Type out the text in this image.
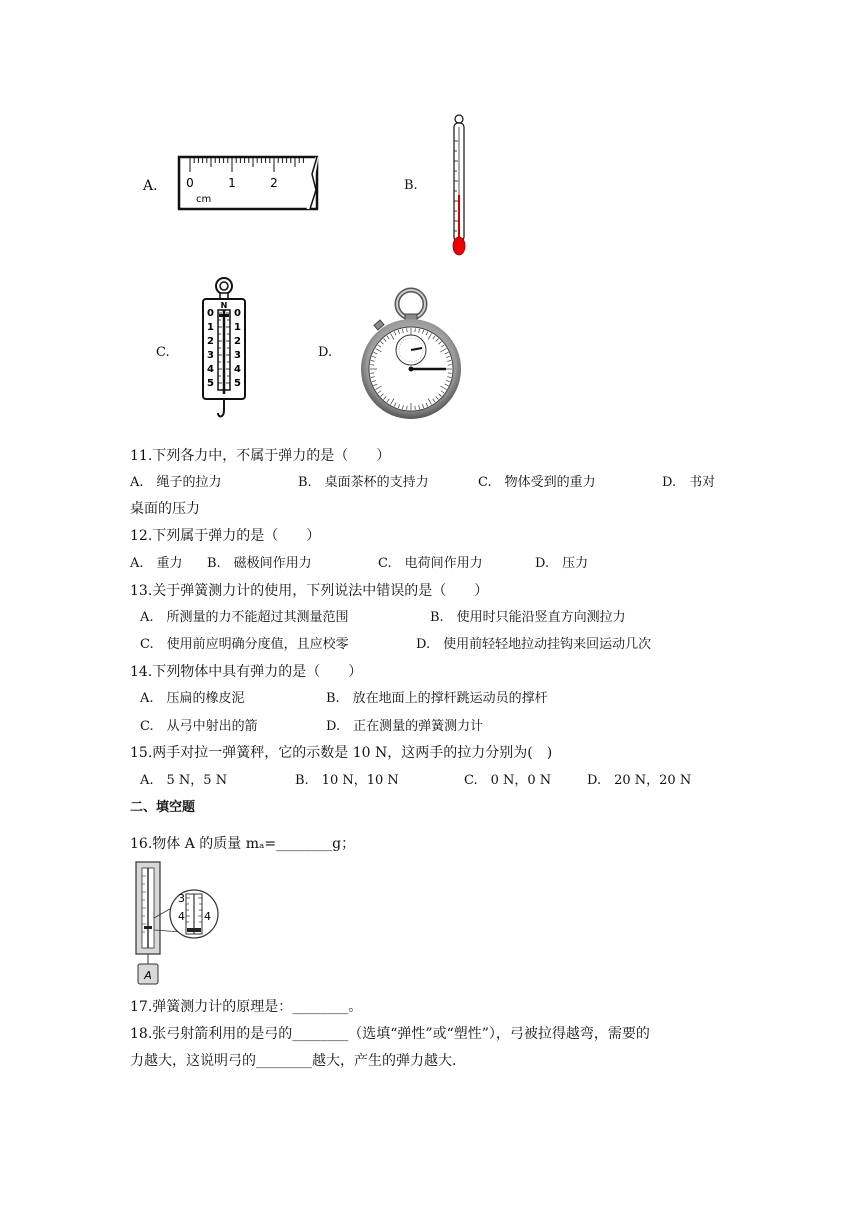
A. 0	1	2
cm
B.
C.
N
0
1
2
3
4
5
0
1
2
3
4
5
D.
11.下列各力中，不属于弹力的是（　　）
A.　绳子的拉力	B.　桌面茶杯的支持力	C.　物体受到的重力	D.　书对
桌面的压力
12.下列属于弹力的是（　　）
A.　重力 B.　磁极间作用力	C.　电荷间作用力	D.　压力
13.关于弹簧测力计的使用，下列说法中错误的是（　　）
A.　所测量的力不能超过其测量范围	B.　使用时只能沿竖直方向测拉力
C.　使用前应明确分度值，且应校零	D.　使用前轻轻地拉动挂钩来回运动几次
14.下列物体中具有弹力的是（　　）
A.　压扁的橡皮泥	B.　放在地面上的撑杆跳运动员的撑杆
C.　从弓中射出的箭	D.　正在测量的弹簧测力计
15.两手对拉一弹簧秤，它的示数是 10 N，这两手的拉力分别为(　)
A.　5 N，5 N	B.　10 N，10 N	C.　0 N，0 N	D.　20 N，20 N
二、填空题
16.物体 A 的质量 mₐ=________g；
3
4 4
A
17.弹簧测力计的原理是：________。
18.张弓射箭利用的是弓的________（选填“弹性”或“塑性”），弓被拉得越弯，需要的
力越大，这说明弓的________越大，产生的弹力越大.
